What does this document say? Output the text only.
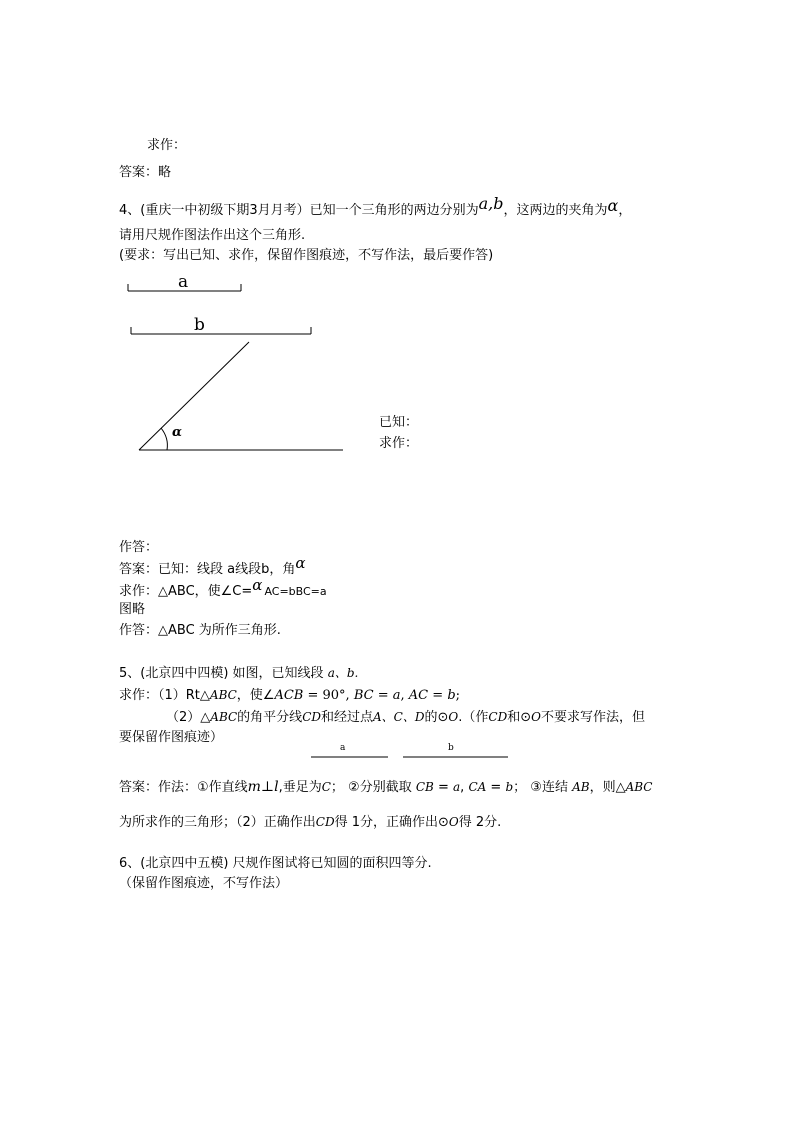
求作：
答案：略
4、(重庆一中初级下期3月月考）已知一个三角形的两边分别为a,b，这两边的夹角为α，
请用尺规作图法作出这个三角形.
(要求：写出已知、求作，保留作图痕迹，不写作法，最后要作答)
a
b
α
已知：
求作：
作答：
答案：已知：线段 a线段b，角α
求作：△ABC，使∠C=α AC=bBC=a
图略
作答：△ABC 为所作三角形.
5、(北京四中四模) 如图，已知线段 a、b.
求作：（1）Rt△ABC，使∠ACB = 90°, BC = a, AC = b;
（2）△ABC的角平分线CD和经过点A、C、D的⊙O.（作CD和⊙O不要求写作法，但
要保留作图痕迹）
a	b
答案：作法：①作直线m⊥l,垂足为C； ②分别截取 CB = a, CA = b； ③连结 AB，则△ABC
为所求作的三角形；（2）正确作出CD得 1分，正确作出⊙O得 2分.
6、(北京四中五模) 尺规作图试将已知圆的面积四等分.
（保留作图痕迹，不写作法）
